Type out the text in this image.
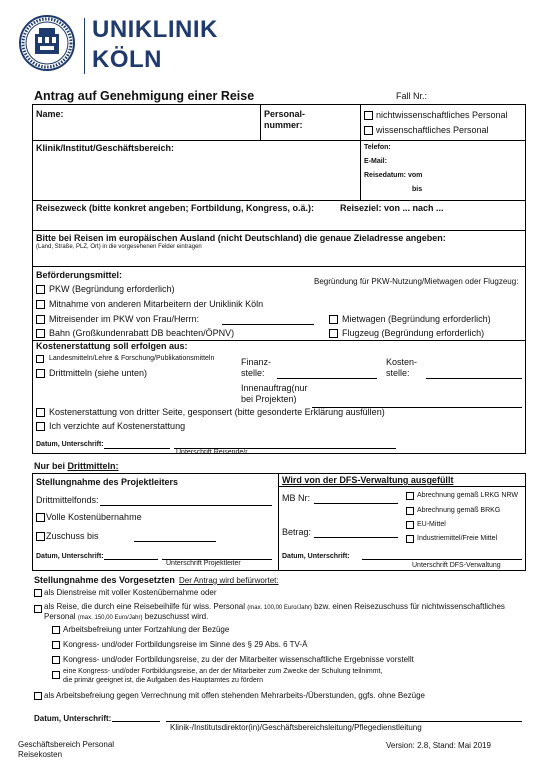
UNIKLINIK
KÖLN
Antrag auf Genehmigung einer Reise	Fall Nr.:
Name:	Personal-
nummer:
nichtwissenschaftliches Personal
wissenschaftliches Personal
Klinik/Institut/Geschäftsbereich:	Telefon:
E-Mail:
Reisedatum: vom
bis
Reisezweck (bitte konkret angeben; Fortbildung, Kongress, o.ä.):	Reiseziel: von ... nach ...
Bitte bei Reisen im europäischen Ausland (nicht Deutschland) die genaue Zieladresse angeben:
(Land, Straße, PLZ, Ort) in die vorgesehenen Felder eintragen
Beförderungsmittel:
Begründung für PKW-Nutzung/Mietwagen oder Flugzeug:
PKW (Begründung erforderlich)
Mitnahme von anderen Mitarbeitern der Uniklinik Köln
Mitreisender im PKW von Frau/Herrn:	Mietwagen (Begründung erforderlich)
Bahn (Großkundenrabatt DB beachten/ÖPNV)	Flugzeug (Begründung erforderlich)
Kostenerstattung soll erfolgen aus:
Landesmitteln/Lehre & Forschung/Publikationsmitteln
Drittmitteln (siehe unten)
Finanz-
stelle:
Kosten-
stelle:
Innenauftrag(nur
bei Projekten)
Kostenerstattung von dritter Seite, gesponsert (bitte gesonderte Erklärung ausfüllen)
Ich verzichte auf Kostenerstattung
Datum, Unterschrift:
Unterschrift Reisende/r
Nur bei Drittmitteln:
Stellungnahme des Projektleiters
Drittmittelfonds:
Volle Kostenübernahme
Zuschuss bis
Datum, Unterschrift:
Unterschrift Projektleiter
Wird von der DFS-Verwaltung ausgefüllt
MB Nr:
Betrag:
Abrechnung gemäß LRKG NRW
Abrechnung gemäß BRKG
EU-Mittel
Industriemittel/Freie Mittel
Datum, Unterschrift:
Unterschrift DFS-Verwaltung
Stellungnahme des Vorgesetzten Der Antrag wird befürwortet:
als Dienstreise mit voller Kostenübernahme oder
als Reise, die durch eine Reisebeihilfe für wiss. Personal (max. 100,00 Euro/Jahr) bzw. einen Reisezuschuss für nichtwissenschaftliches
Personal (max. 150,00 Euro/Jahr) bezuschusst wird.
Arbeitsbefreiung unter Fortzahlung der Bezüge
Kongress- und/oder Fortbildungsreise im Sinne des § 29 Abs. 6 TV-Ä
Kongress- und/oder Fortbildungsreise, zu der der Mitarbeiter wissenschaftliche Ergebnisse vorstellt
eine Kongress- und/oder Fortbildungsreise, an der der Mitarbeiter zum Zwecke der Schulung teilnimmt,
die primär geeignet ist, die Aufgaben des Hauptamtes zu fördern
als Arbeitsbefreiung gegen Verrechnung mit offen stehenden Mehrarbeits-/Überstunden, ggfs. ohne Bezüge
Datum, Unterschrift:
Klinik-/Institutsdirektor(in)/Geschäftsbereichsleitung/Pflegedienstleitung
Geschäftsbereich Personal
Reisekosten
Version: 2.8, Stand: Mai 2019
